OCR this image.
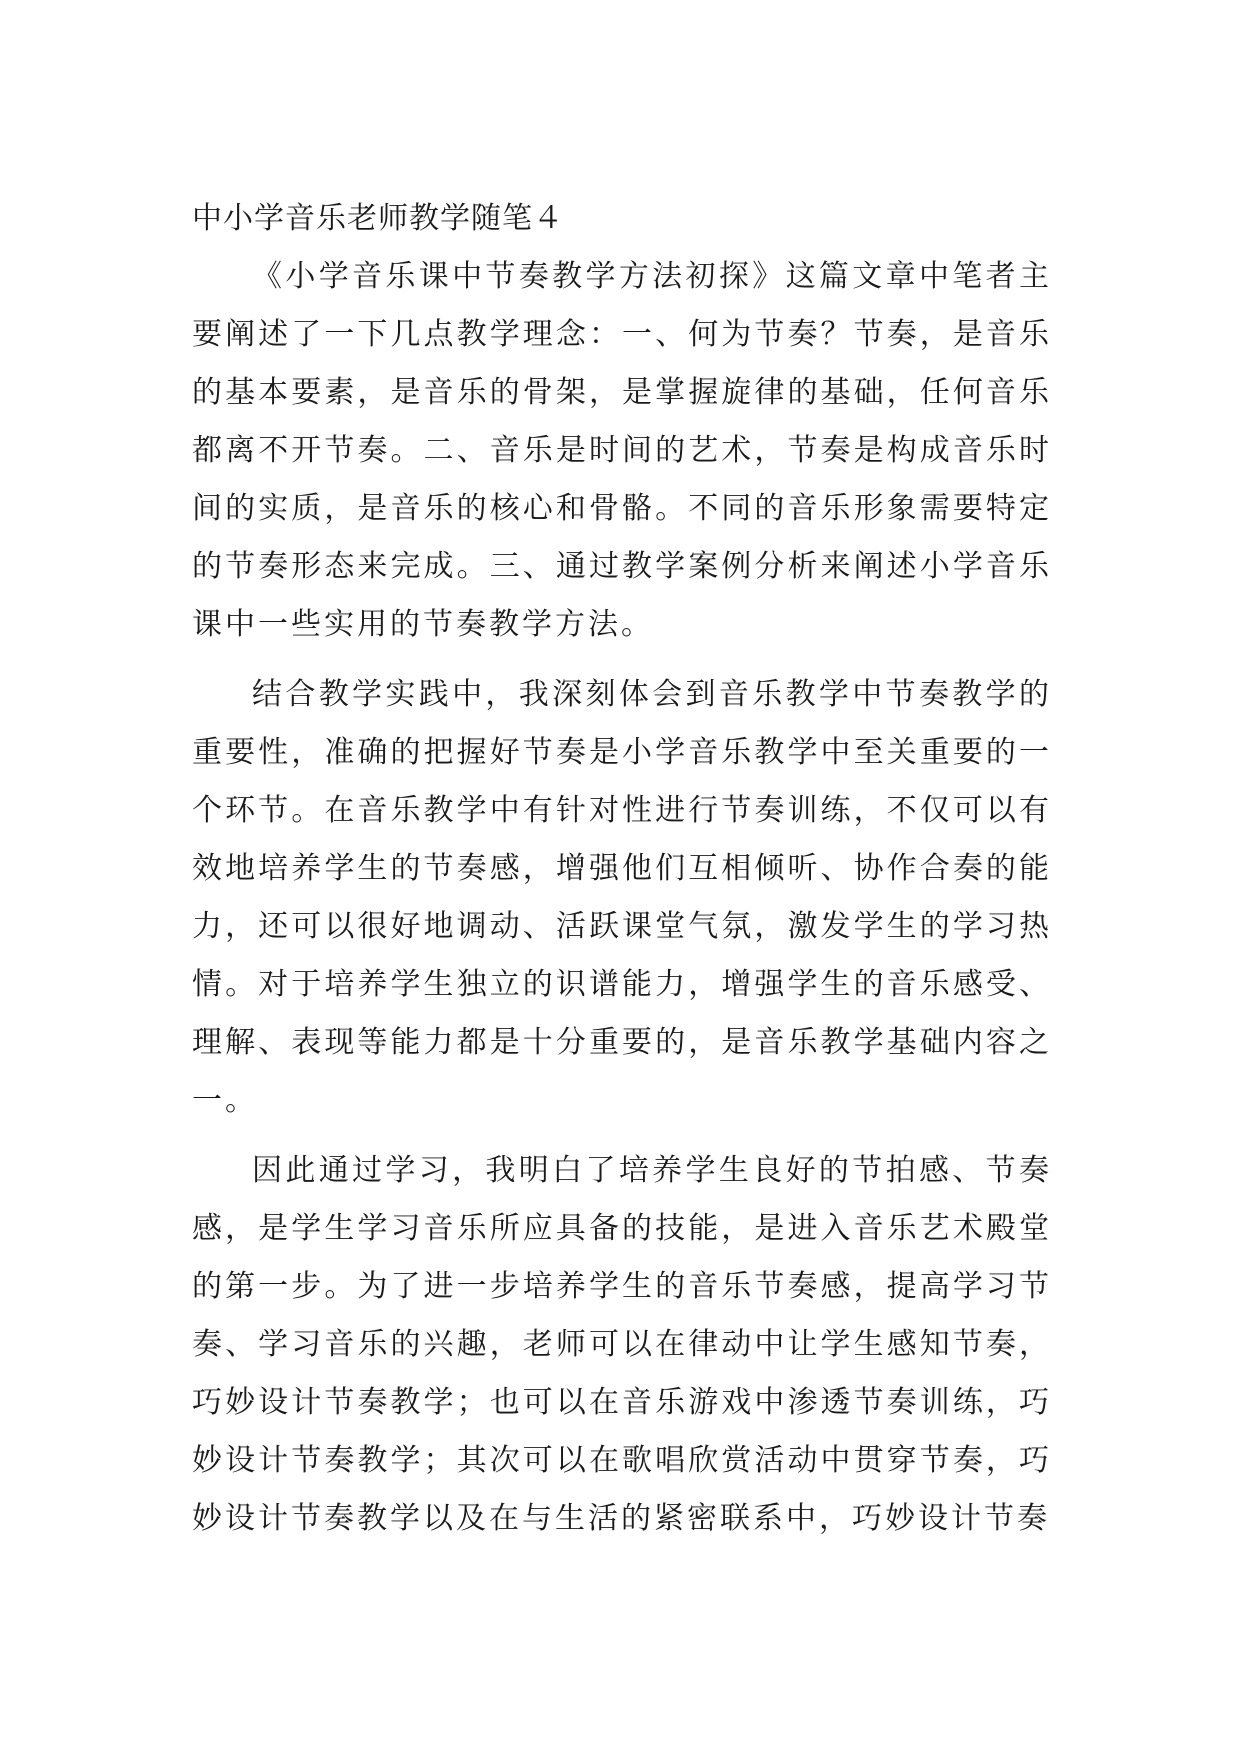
中小学音乐老师教学随笔４

《小学音乐课中节奏教学方法初探》这篇文章中笔者主要阐述了一下几点教学理念：一、何为节奏？节奏，是音乐的基本要素，是音乐的骨架，是掌握旋律的基础，任何音乐都离不开节奏。二、音乐是时间的艺术，节奏是构成音乐时间的实质，是音乐的核心和骨骼。不同的音乐形象需要特定的节奏形态来完成。三、通过教学案例分析来阐述小学音乐课中一些实用的节奏教学方法。

结合教学实践中，我深刻体会到音乐教学中节奏教学的重要性，准确的把握好节奏是小学音乐教学中至关重要的一个环节。在音乐教学中有针对性进行节奏训练，不仅可以有效地培养学生的节奏感，增强他们互相倾听、协作合奏的能力，还可以很好地调动、活跃课堂气氛，激发学生的学习热情。对于培养学生独立的识谱能力，增强学生的音乐感受、理解、表现等能力都是十分重要的，是音乐教学基础内容之一。

因此通过学习，我明白了培养学生良好的节拍感、节奏感，是学生学习音乐所应具备的技能，是进入音乐艺术殿堂的第一步。为了进一步培养学生的音乐节奏感，提高学习节奏、学习音乐的兴趣，老师可以在律动中让学生感知节奏，巧妙设计节奏教学；也可以在音乐游戏中渗透节奏训练，巧妙设计节奏教学；其次可以在歌唱欣赏活动中贯穿节奏，巧妙设计节奏教学以及在与生活的紧密联系中，巧妙设计节奏
